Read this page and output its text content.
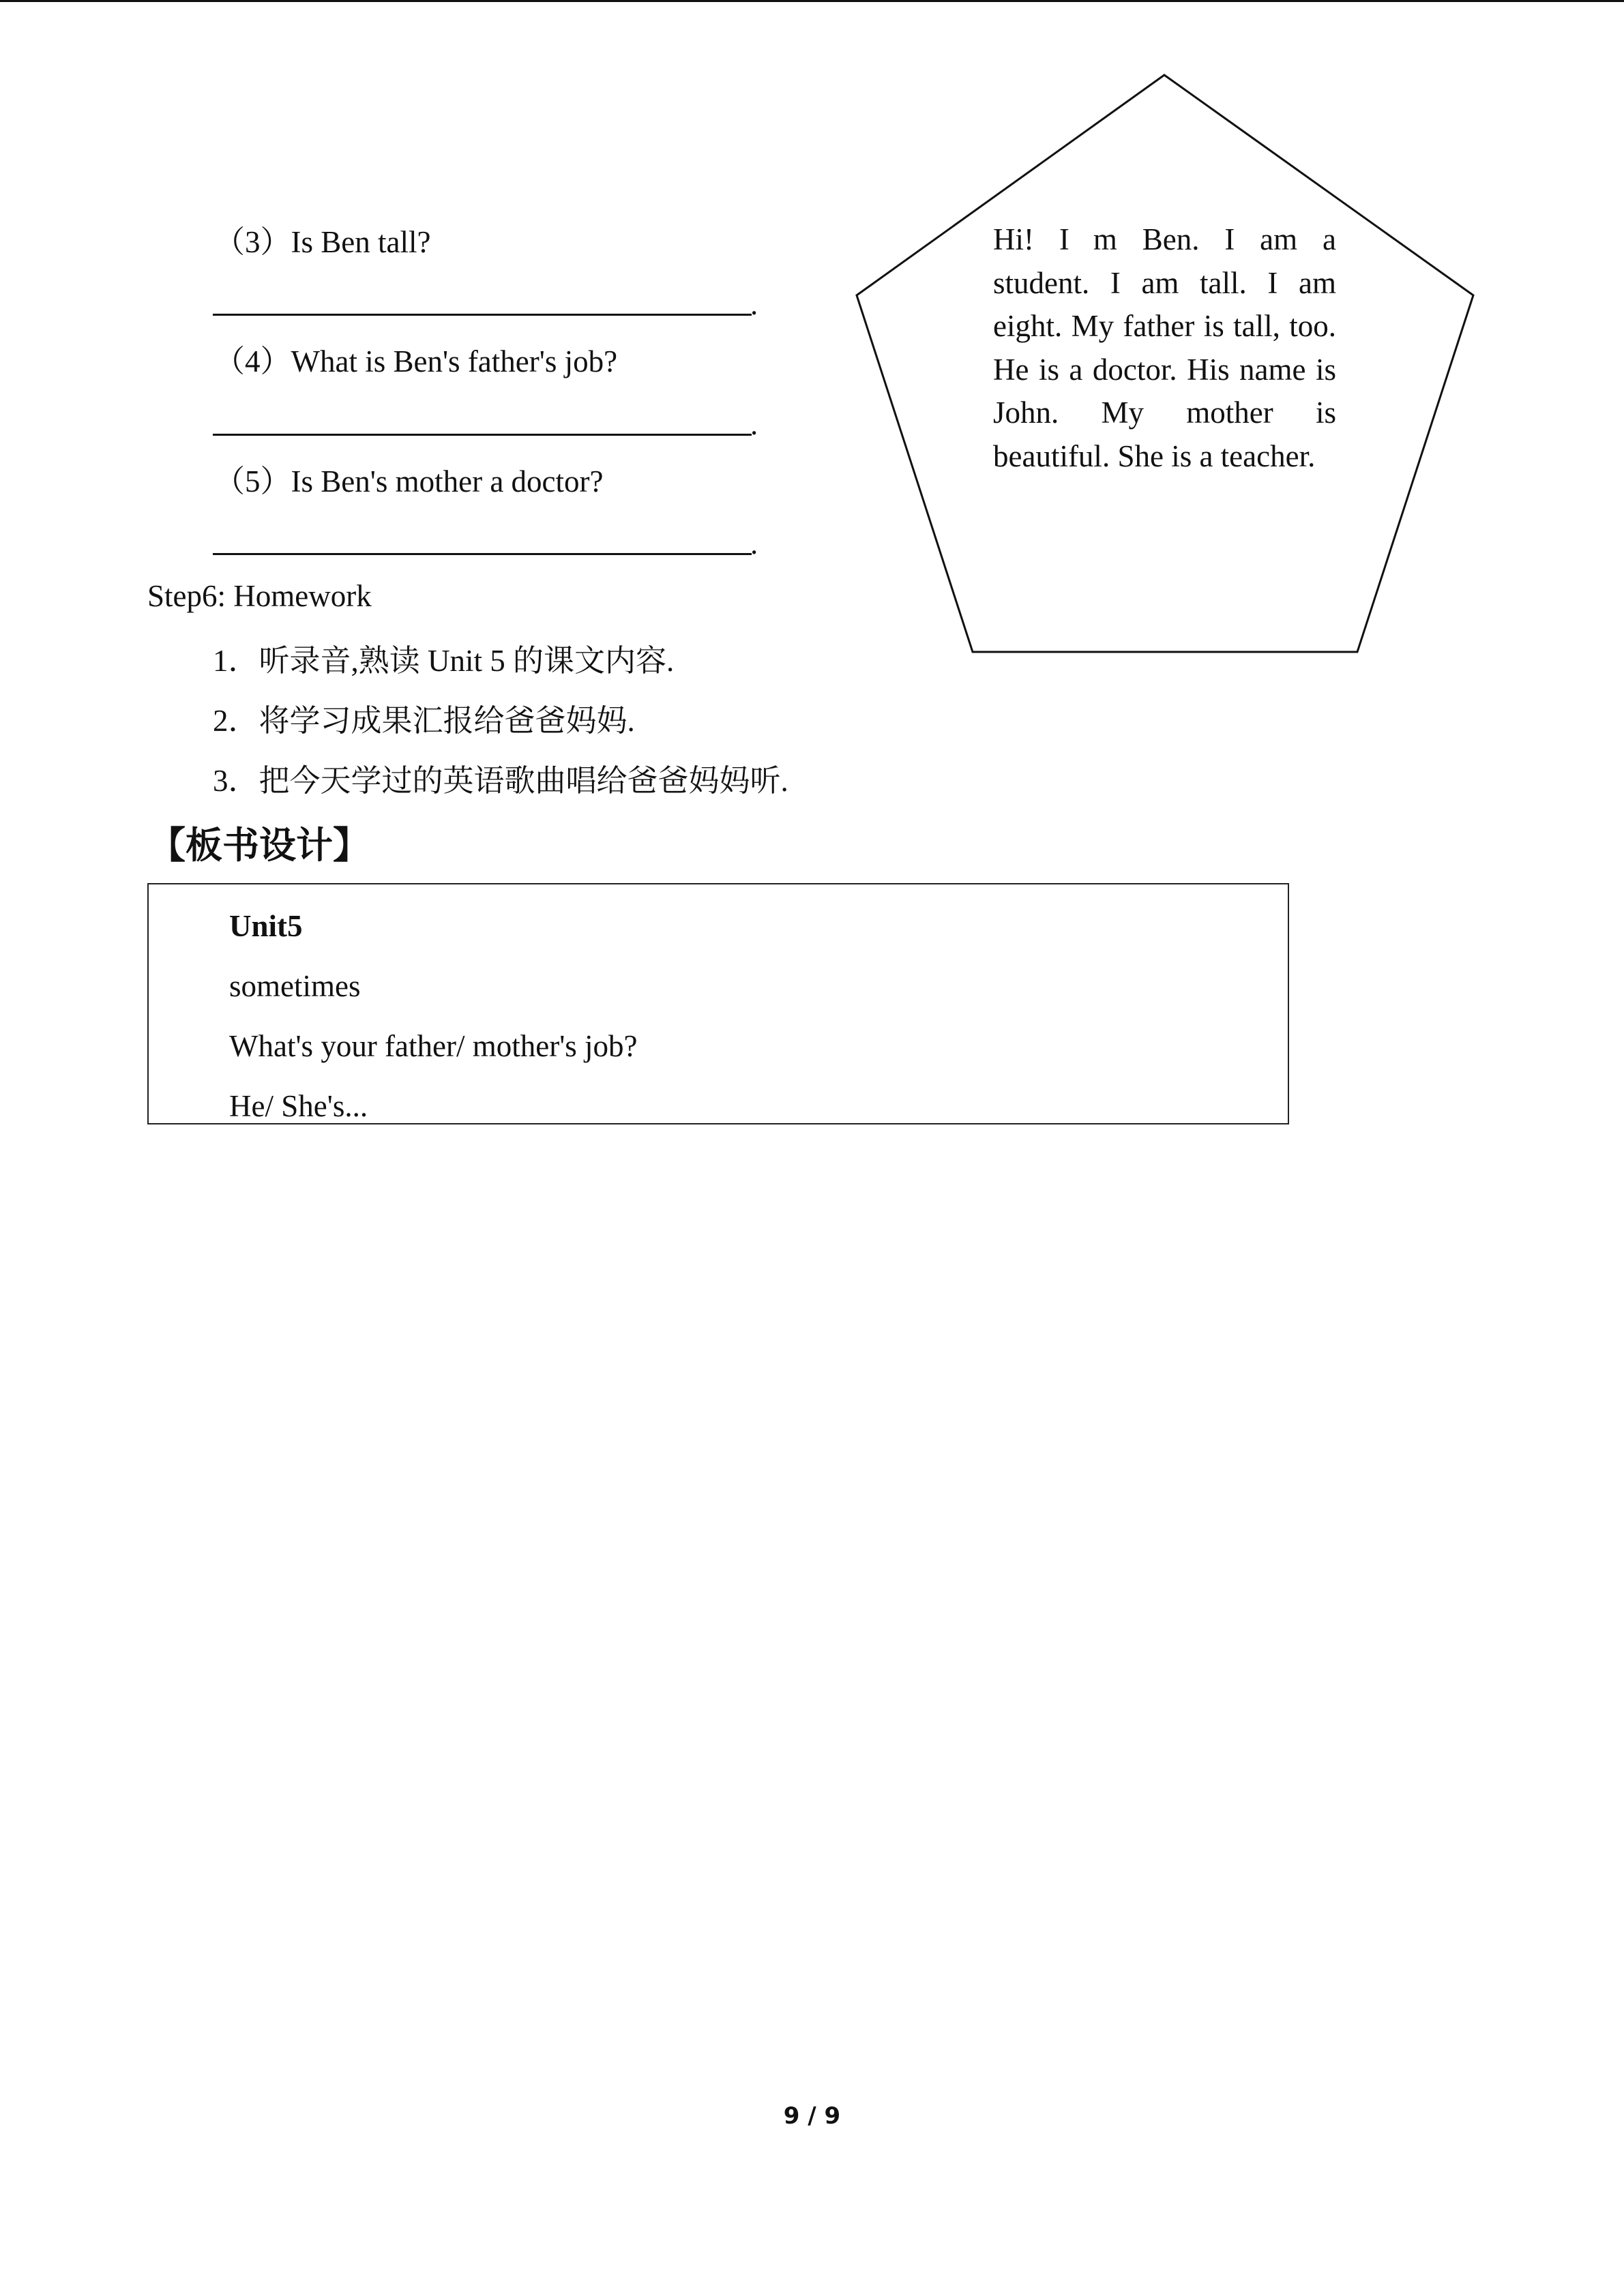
（3）Is Ben tall?
.
（4）What is Ben's father's job?
.
（5）Is Ben's mother a doctor?
.
Hi! I m Ben. I am a student. I am tall. I am eight. My father is tall, too. He is a doctor. His name is John. My mother is beautiful. She is a teacher.
Step6: Homework
1．听录音,熟读 Unit 5 的课文内容.
2．将学习成果汇报给爸爸妈妈.
3．把今天学过的英语歌曲唱给爸爸妈妈听.
【板书设计】
Unit5
sometimes
What's your father/ mother's job?
He/ She's...
9 / 9
